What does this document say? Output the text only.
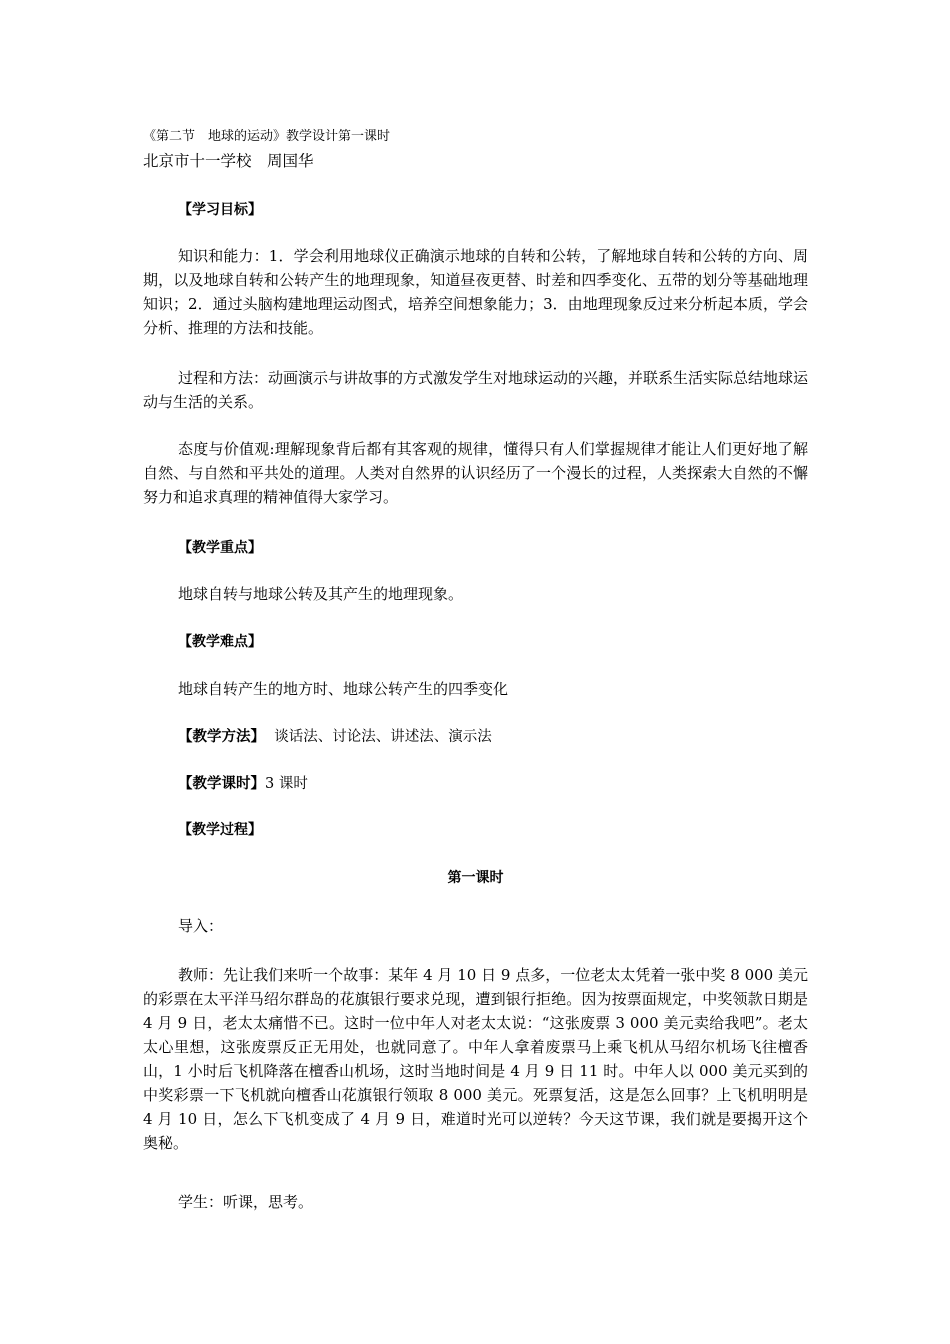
《第二节　地球的运动》教学设计第一课时
北京市十一学校　周国华
【学习目标】
知识和能力：1．学会利用地球仪正确演示地球的自转和公转，了解地球自转和公转的方向、周期，以及地球自转和公转产生的地理现象，知道昼夜更替、时差和四季变化、五带的划分等基础地理知识；2．通过头脑构建地理运动图式，培养空间想象能力；3．由地理现象反过来分析起本质，学会分析、推理的方法和技能。
过程和方法：动画演示与讲故事的方式激发学生对地球运动的兴趣，并联系生活实际总结地球运动与生活的关系。
态度与价值观:理解现象背后都有其客观的规律，懂得只有人们掌握规律才能让人们更好地了解自然、与自然和平共处的道理。人类对自然界的认识经历了一个漫长的过程，人类探索大自然的不懈努力和追求真理的精神值得大家学习。
【教学重点】
地球自转与地球公转及其产生的地理现象。
【教学难点】
地球自转产生的地方时、地球公转产生的四季变化
【教学方法】 谈话法、讨论法、讲述法、演示法
【教学课时】3 课时
【教学过程】
第一课时
导入：
教师：先让我们来听一个故事：某年 4 月 10 日 9 点多，一位老太太凭着一张中奖 8 000 美元的彩票在太平洋马绍尔群岛的花旗银行要求兑现，遭到银行拒绝。因为按票面规定，中奖领款日期是 4 月 9 日，老太太痛惜不已。这时一位中年人对老太太说：“这张废票 3 000 美元卖给我吧”。老太太心里想，这张废票反正无用处，也就同意了。中年人拿着废票马上乘飞机从马绍尔机场飞往檀香山，1 小时后飞机降落在檀香山机场，这时当地时间是 4 月 9 日 11 时。中年人以 000 美元买到的中奖彩票一下飞机就向檀香山花旗银行领取 8 000 美元。死票复活，这是怎么回事？上飞机明明是 4 月 10 日，怎么下飞机变成了 4 月 9 日，难道时光可以逆转？今天这节课，我们就是要揭开这个奥秘。
学生：听课，思考。
